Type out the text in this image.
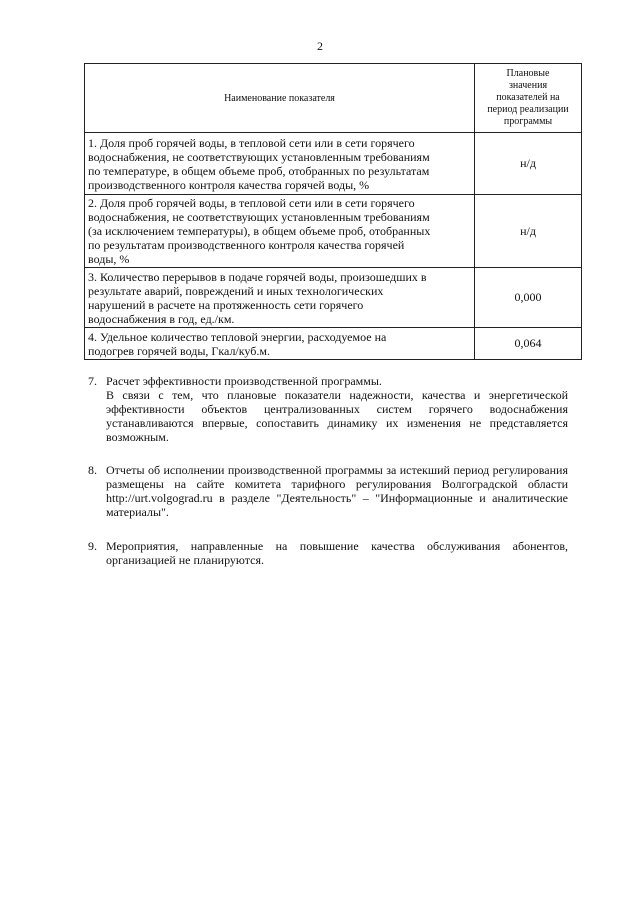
2
Наименование показателя	Плановые
значения
показателей на
период реализации
программы

1. Доля проб горячей воды, в тепловой сети или в сети горячего
водоснабжения, не соответствующих установленным требованиям
по температуре, в общем объеме проб, отобранных по результатам
производственного контроля качества горячей воды, %	н/д

2. Доля проб горячей воды, в тепловой сети или в сети горячего
водоснабжения, не соответствующих установленным требованиям
(за исключением температуры), в общем объеме проб, отобранных
по результатам производственного контроля качества горячей
воды, %	н/д

3. Количество перерывов в подаче горячей воды, произошедших в
результате аварий, повреждений и иных технологических
нарушений в расчете на протяженность сети горячего
водоснабжения в год, ед./км.	0,000

4. Удельное количество тепловой энергии, расходуемое на
подогрев горячей воды, Гкал/куб.м.	0,064
7. Расчет эффективности производственной программы.
В связи с тем, что плановые показатели надежности, качества и энергетической эффективности объектов централизованных систем горячего водоснабжения устанавливаются впервые, сопоставить динамику их изменения не представляется возможным.
8. Отчеты об исполнении производственной программы за истекший период регулирования размещены на сайте комитета тарифного регулирования Волгоградской области http://urt.volgograd.ru в разделе "Деятельность" – "Информационные и аналитические материалы".
9. Мероприятия, направленные на повышение качества обслуживания абонентов, организацией не планируются.
